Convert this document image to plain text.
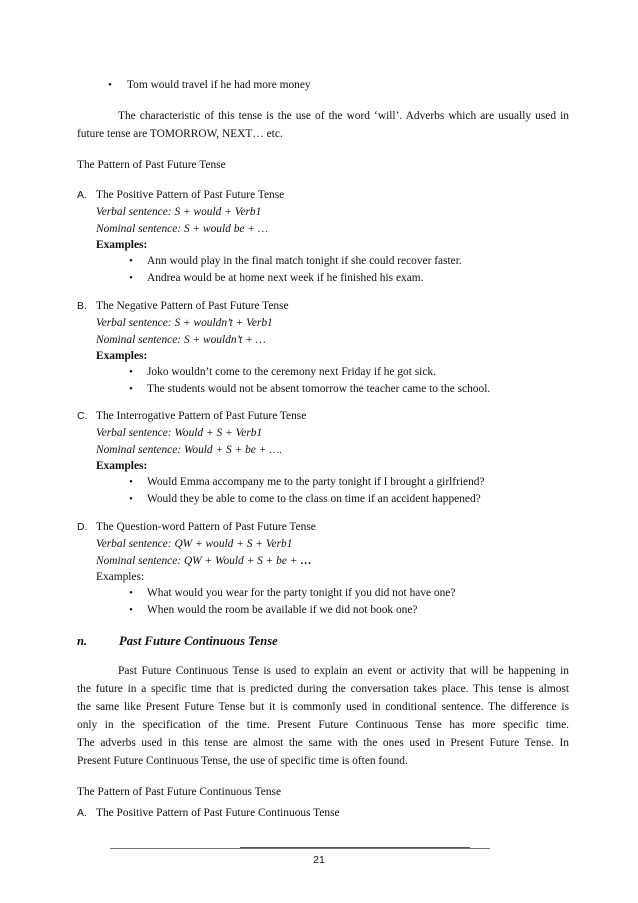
• Tom would travel if he had more money
The characteristic of this tense is the use of the word ‘will’. Adverbs which are usually used in
future tense are TOMORROW, NEXT… etc.
The Pattern of Past Future Tense
A. The Positive Pattern of Past Future Tense
Verbal sentence: S + would + Verb1
Nominal sentence: S + would be + …
Examples:
• Ann would play in the final match tonight if she could recover faster.
• Andrea would be at home next week if he finished his exam.
B. The Negative Pattern of Past Future Tense
Verbal sentence: S + wouldn’t + Verb1
Nominal sentence: S + wouldn’t + …
Examples:
• Joko wouldn’t come to the ceremony next Friday if he got sick.
• The students would not be absent tomorrow the teacher came to the school.
C. The Interrogative Pattern of Past Future Tense
Verbal sentence: Would + S + Verb1
Nominal sentence: Would + S + be + ….
Examples:
• Would Emma accompany me to the party tonight if I brought a girlfriend?
• Would they be able to come to the class on time if an accident happened?
D. The Question-word Pattern of Past Future Tense
Verbal sentence: QW + would + S + Verb1
Nominal sentence: QW + Would + S + be + …
Examples:
• What would you wear for the party tonight if you did not have one?
• When would the room be available if we did not book one?
n.	Past Future Continuous Tense
Past Future Continuous Tense is used to explain an event or activity that will be happening in
the future in a specific time that is predicted during the conversation takes place. This tense is almost
the same like Present Future Tense but it is commonly used in conditional sentence. The difference is
only in the specification of the time. Present Future Continuous Tense has more specific time.
The adverbs used in this tense are almost the same with the ones used in Present Future Tense. In
Present Future Continuous Tense, the use of specific time is often found.
The Pattern of Past Future Continuous Tense
A. The Positive Pattern of Past Future Continuous Tense
21
